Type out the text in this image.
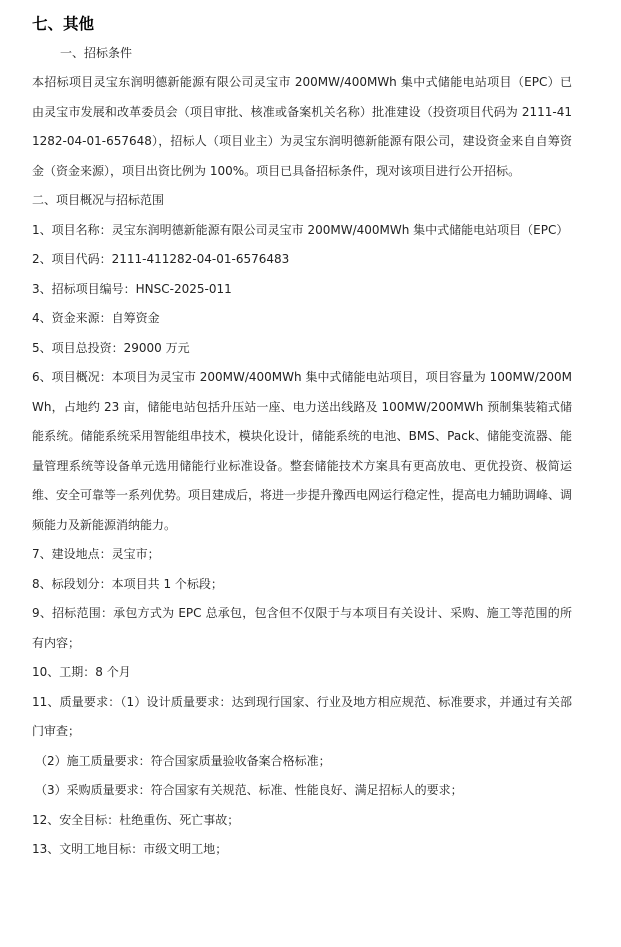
七、其他
一、招标条件
本招标项目灵宝东润明德新能源有限公司灵宝市 200MW/400MWh 集中式储能电站项目（EPC）已由灵宝市发展和改革委员会（项目审批、核准或备案机关名称）批准建设（投资项目代码为 2111-411282-04-01-657648），招标人（项目业主）为灵宝东润明德新能源有限公司，建设资金来自自筹资金（资金来源），项目出资比例为 100%。项目已具备招标条件，现对该项目进行公开招标。
二、项目概况与招标范围
1、项目名称：灵宝东润明德新能源有限公司灵宝市 200MW/400MWh 集中式储能电站项目（EPC）
2、项目代码：2111-411282-04-01-6576483
3、招标项目编号：HNSC-2025-011
4、资金来源：自筹资金
5、项目总投资：29000 万元
6、项目概况：本项目为灵宝市 200MW/400MWh 集中式储能电站项目，项目容量为 100MW/200MWh，占地约 23 亩，储能电站包括升压站一座、电力送出线路及 100MW/200MWh 预制集装箱式储能系统。储能系统采用智能组串技术，模块化设计，储能系统的电池、BMS、Pack、储能变流器、能量管理系统等设备单元选用储能行业标准设备。整套储能技术方案具有更高放电、更优投资、极简运维、安全可靠等一系列优势。项目建成后，将进一步提升豫西电网运行稳定性，提高电力辅助调峰、调频能力及新能源消纳能力。
7、建设地点：灵宝市；
8、标段划分：本项目共 1 个标段；
9、招标范围：承包方式为 EPC 总承包，包含但不仅限于与本项目有关设计、采购、施工等范围的所有内容；
10、工期：8 个月
11、质量要求：（1）设计质量要求：达到现行国家、行业及地方相应规范、标准要求，并通过有关部门审查；
（2）施工质量要求：符合国家质量验收备案合格标准；
（3）采购质量要求：符合国家有关规范、标准、性能良好、满足招标人的要求；
12、安全目标：杜绝重伤、死亡事故；
13、文明工地目标：市级文明工地；
